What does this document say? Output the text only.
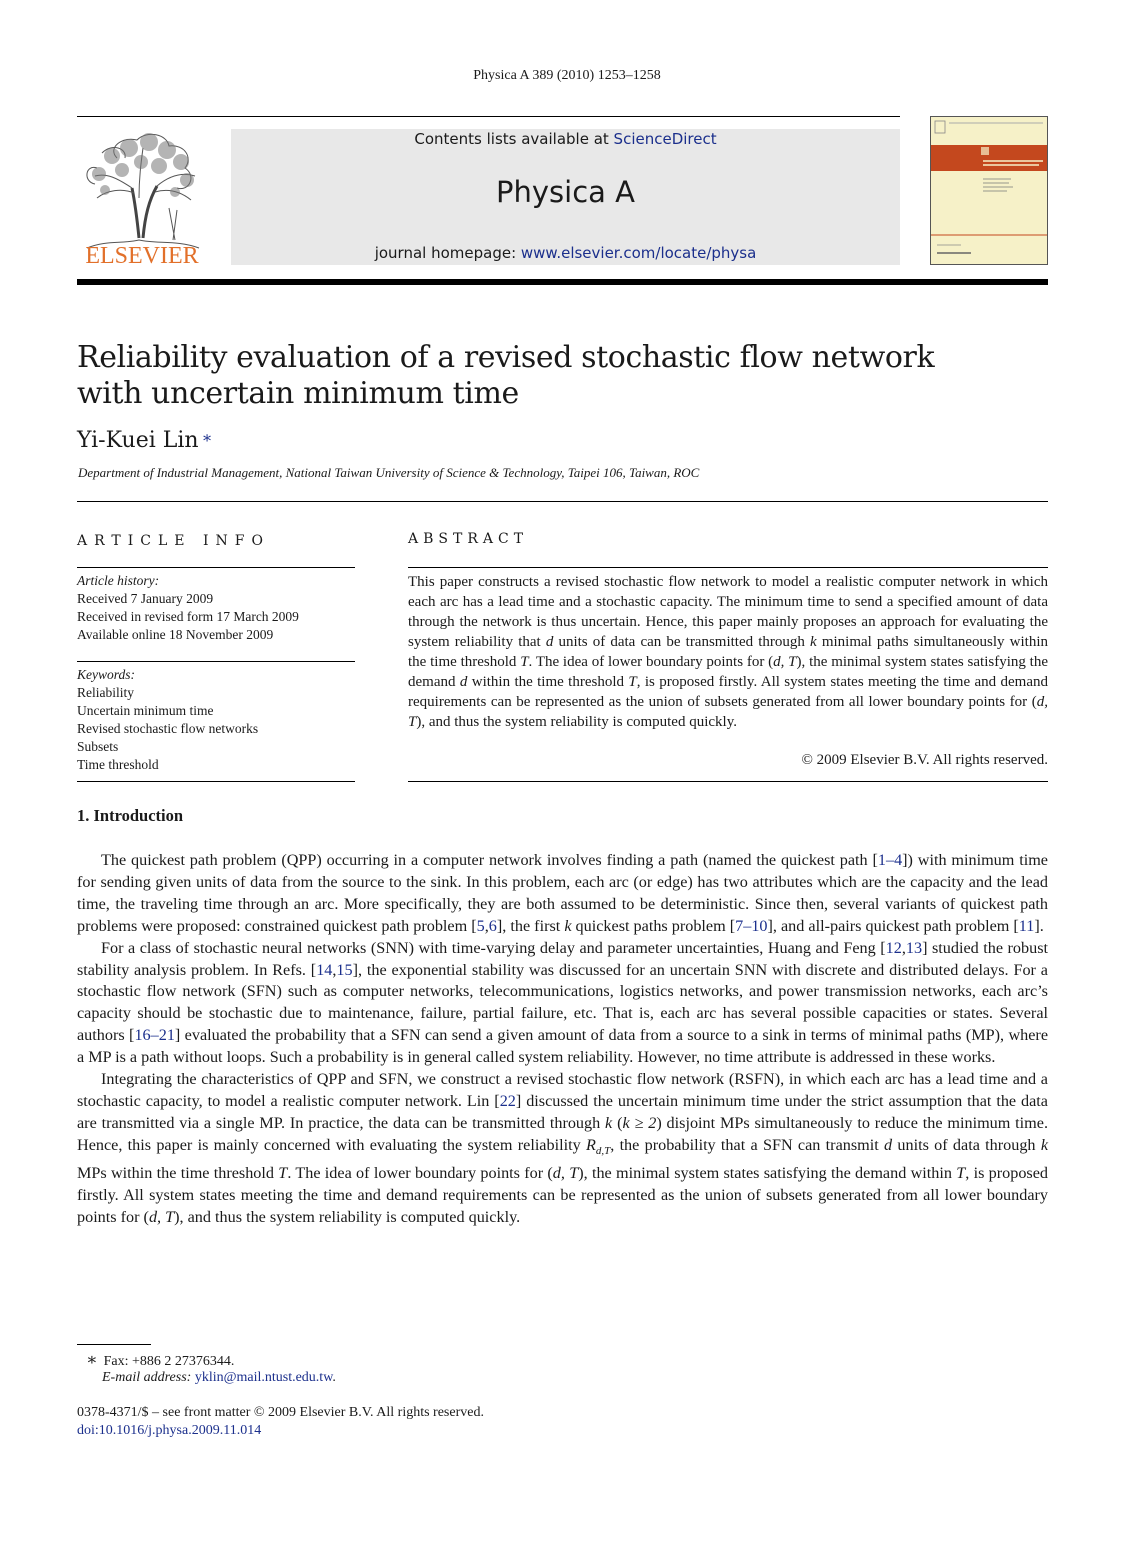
Physica A 389 (2010) 1253–1258
ELSEVIER
Contents lists available at ScienceDirect
Physica A
journal homepage: www.elsevier.com/locate/physa
Reliability evaluation of a revised stochastic flow network with uncertain minimum time
Yi-Kuei Lin ∗
Department of Industrial Management, National Taiwan University of Science & Technology, Taipei 106, Taiwan, ROC
ARTICLE INFO
Article history:
Received 7 January 2009
Received in revised form 17 March 2009
Available online 18 November 2009
Keywords:
Reliability
Uncertain minimum time
Revised stochastic flow networks
Subsets
Time threshold
ABSTRACT
This paper constructs a revised stochastic flow network to model a realistic computer network in which each arc has a lead time and a stochastic capacity. The minimum time to send a specified amount of data through the network is thus uncertain. Hence, this paper mainly proposes an approach for evaluating the system reliability that d units of data can be transmitted through k minimal paths simultaneously within the time threshold T. The idea of lower boundary points for (d, T), the minimal system states satisfying the demand d within the time threshold T, is proposed firstly. All system states meeting the time and demand requirements can be represented as the union of subsets generated from all lower boundary points for (d, T), and thus the system reliability is computed quickly.
© 2009 Elsevier B.V. All rights reserved.
1. Introduction

The quickest path problem (QPP) occurring in a computer network involves finding a path (named the quickest path [1–4]) with minimum time for sending given units of data from the source to the sink. In this problem, each arc (or edge) has two attributes which are the capacity and the lead time, the traveling time through an arc. More specifically, they are both assumed to be deterministic. Since then, several variants of quickest path problems were proposed: constrained quickest path problem [5,6], the first k quickest paths problem [7–10], and all-pairs quickest path problem [11].

For a class of stochastic neural networks (SNN) with time-varying delay and parameter uncertainties, Huang and Feng [12,13] studied the robust stability analysis problem. In Refs. [14,15], the exponential stability was discussed for an uncertain SNN with discrete and distributed delays. For a stochastic flow network (SFN) such as computer networks, telecommunications, logistics networks, and power transmission networks, each arc’s capacity should be stochastic due to maintenance, failure, partial failure, etc. That is, each arc has several possible capacities or states. Several authors [16–21] evaluated the probability that a SFN can send a given amount of data from a source to a sink in terms of minimal paths (MP), where a MP is a path without loops. Such a probability is in general called system reliability. However, no time attribute is addressed in these works.

Integrating the characteristics of QPP and SFN, we construct a revised stochastic flow network (RSFN), in which each arc has a lead time and a stochastic capacity, to model a realistic computer network. Lin [22] discussed the uncertain minimum time under the strict assumption that the data are transmitted via a single MP. In practice, the data can be transmitted through k (k ≥ 2) disjoint MPs simultaneously to reduce the minimum time. Hence, this paper is mainly concerned with evaluating the system reliability $R_{d,T}$, the probability that a SFN can transmit d units of data through k MPs within the time threshold T. The idea of lower boundary points for (d, T), the minimal system states satisfying the demand within T, is proposed firstly. All system states meeting the time and demand requirements can be represented as the union of subsets generated from all lower boundary points for (d, T), and thus the system reliability is computed quickly.

∗ Fax: +886 2 27376344.
E-mail address: yklin@mail.ntust.edu.tw.
0378-4371/$ – see front matter © 2009 Elsevier B.V. All rights reserved.
doi:10.1016/j.physa.2009.11.014
